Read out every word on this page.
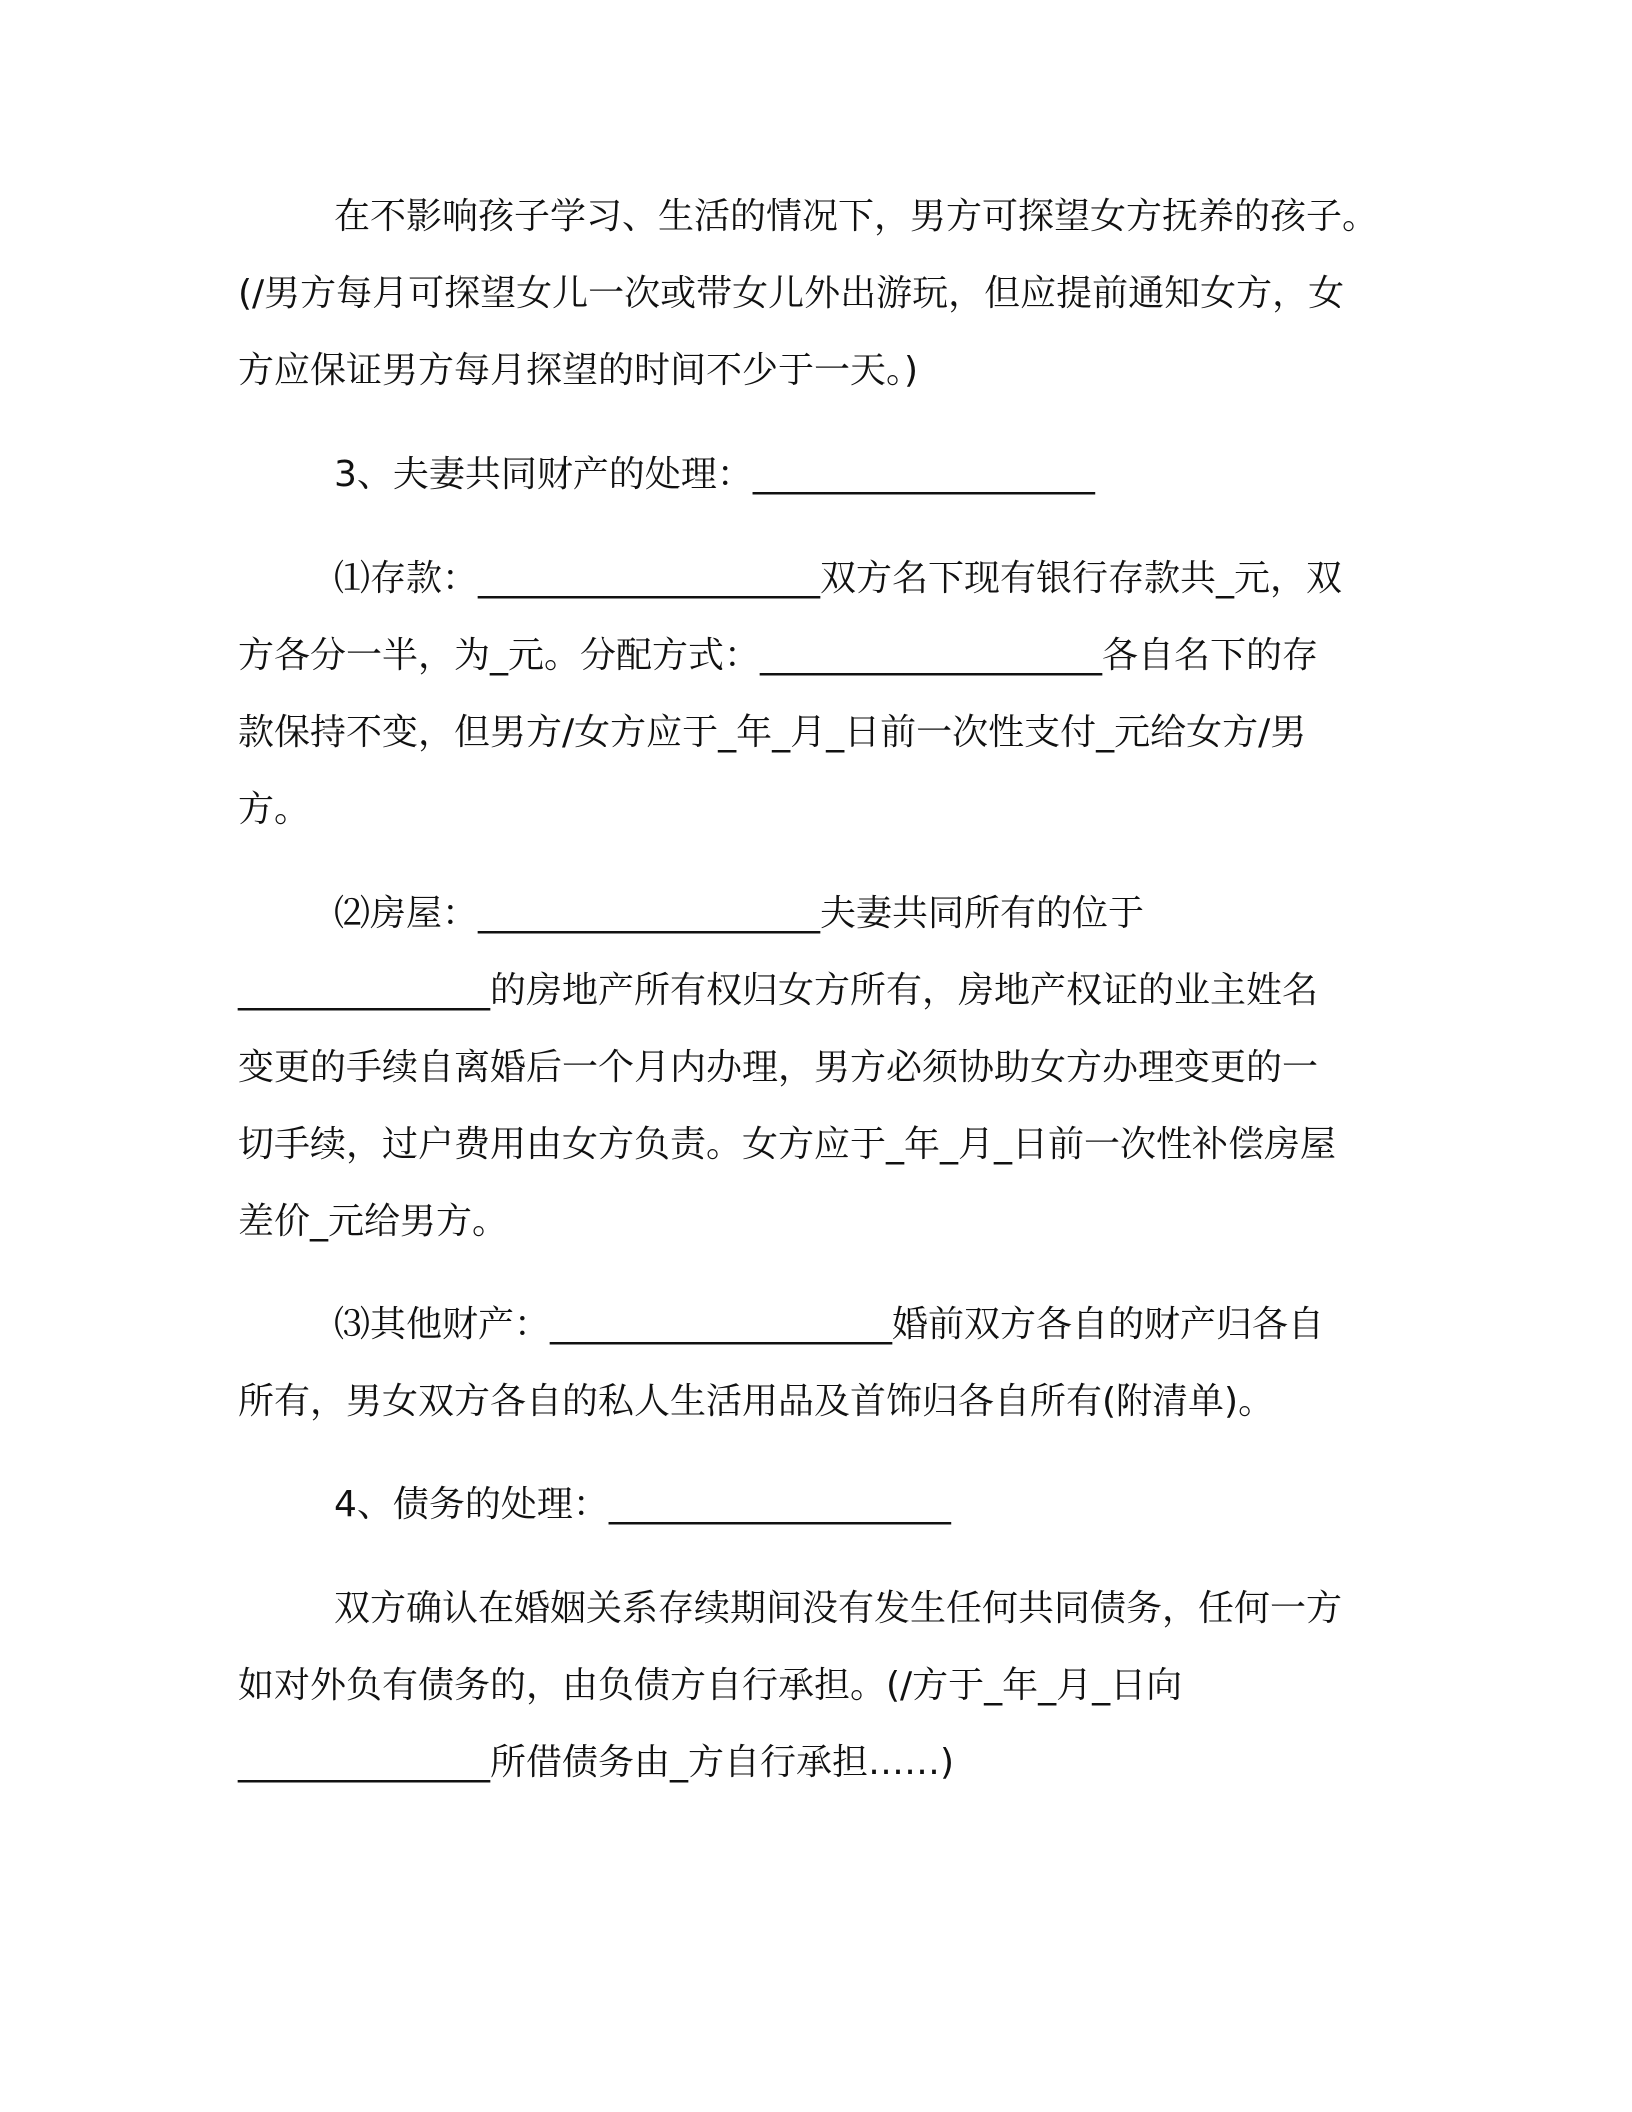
在不影响孩子学习、生活的情况下，男方可探望女方抚养的孩子。
(/男方每月可探望女儿一次或带女儿外出游玩，但应提前通知女方，女
方应保证男方每月探望的时间不少于一天。)
3、夫妻共同财产的处理：___________________
⑴存款：___________________双方名下现有银行存款共_元，双
方各分一半，为_元。分配方式：___________________各自名下的存
款保持不变，但男方/女方应于_年_月_日前一次性支付_元给女方/男
方。
⑵房屋：___________________夫妻共同所有的位于
______________的房地产所有权归女方所有，房地产权证的业主姓名
变更的手续自离婚后一个月内办理，男方必须协助女方办理变更的一
切手续，过户费用由女方负责。女方应于_年_月_日前一次性补偿房屋
差价_元给男方。
⑶其他财产：___________________婚前双方各自的财产归各自
所有，男女双方各自的私人生活用品及首饰归各自所有(附清单)。
4、债务的处理：___________________
双方确认在婚姻关系存续期间没有发生任何共同债务，任何一方
如对外负有债务的，由负债方自行承担。(/方于_年_月_日向
______________所借债务由_方自行承担……)
